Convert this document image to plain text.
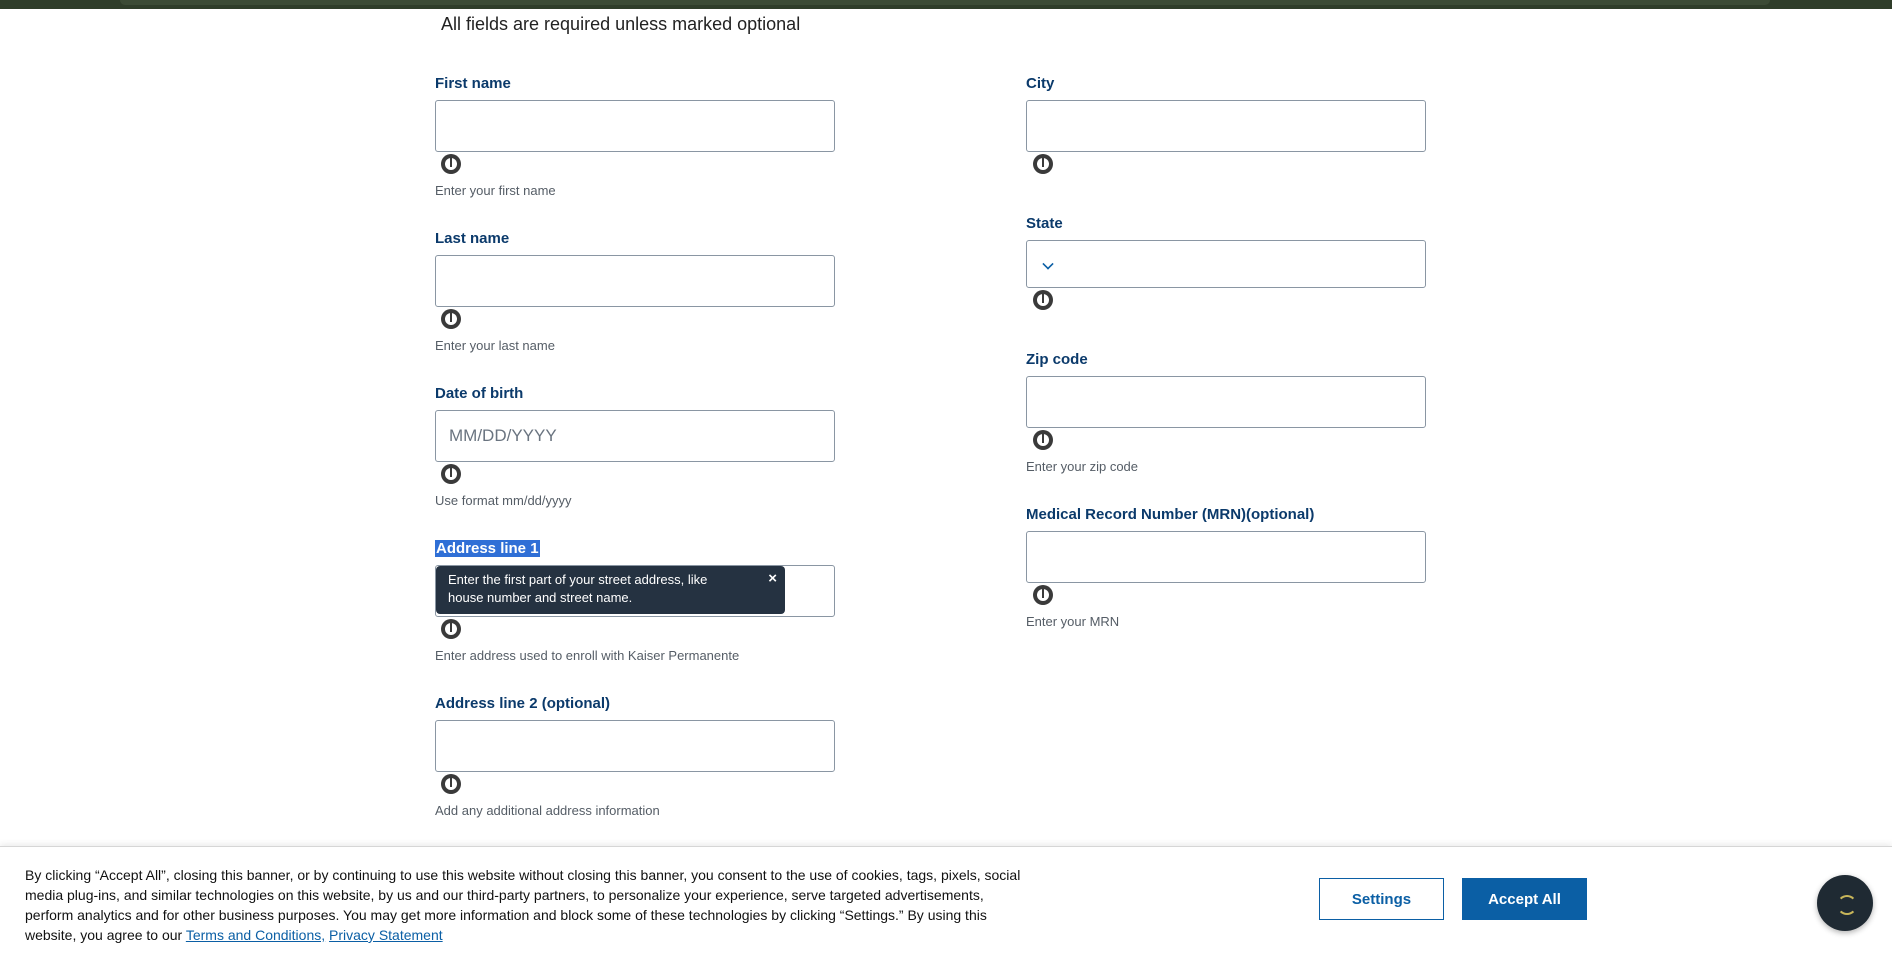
All fields are required unless marked optional
First name
Enter your first name
Last name
Enter your last name
Date of birth
MM/DD/YYYY
Use format mm/dd/yyyy
Address line 1
Enter address used to enroll with Kaiser Permanente
Enter the first part of your street address, like house number and street name.
×
Address line 2 (optional)
Add any additional address information
City
State
Zip code
Enter your zip code
Medical Record Number (MRN)(optional)
Enter your MRN
By clicking “Accept All”, closing this banner, or by continuing to use this website without closing this banner, you consent to the use of cookies, tags, pixels, social media plug-ins, and similar technologies on this website, by us and our third-party partners, to personalize your experience, serve targeted advertisements, perform analytics and for other business purposes. You may get more information and block some of these technologies by clicking “Settings.” By using this website, you agree to our Terms and Conditions, Privacy Statement
Settings	Accept All
